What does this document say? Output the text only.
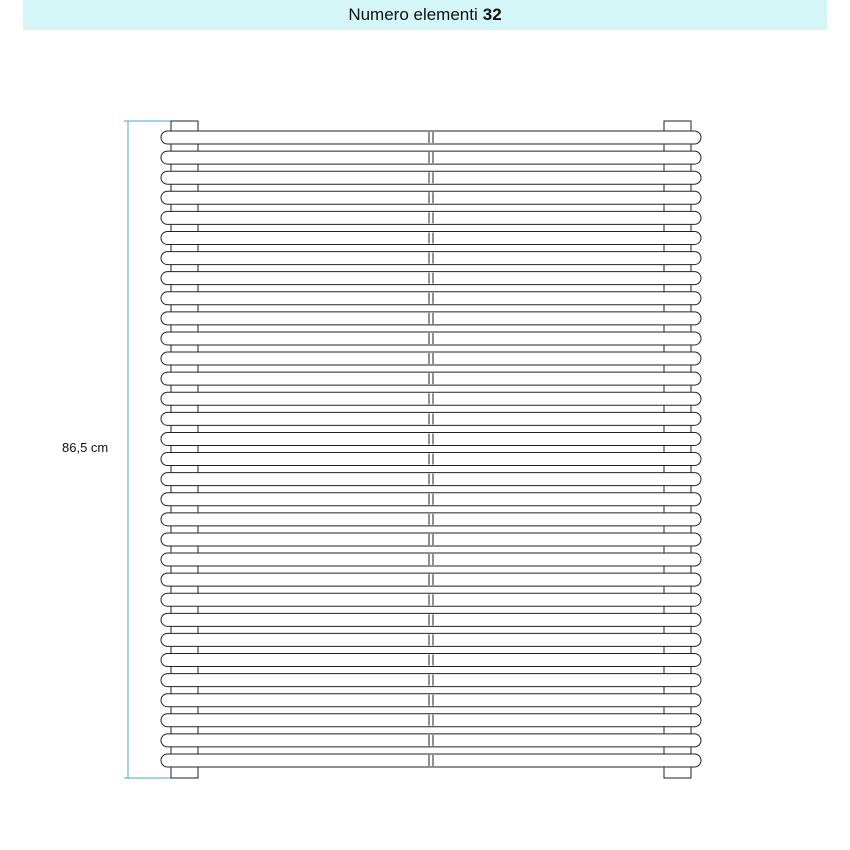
Numero elementi 32
86,5 cm
